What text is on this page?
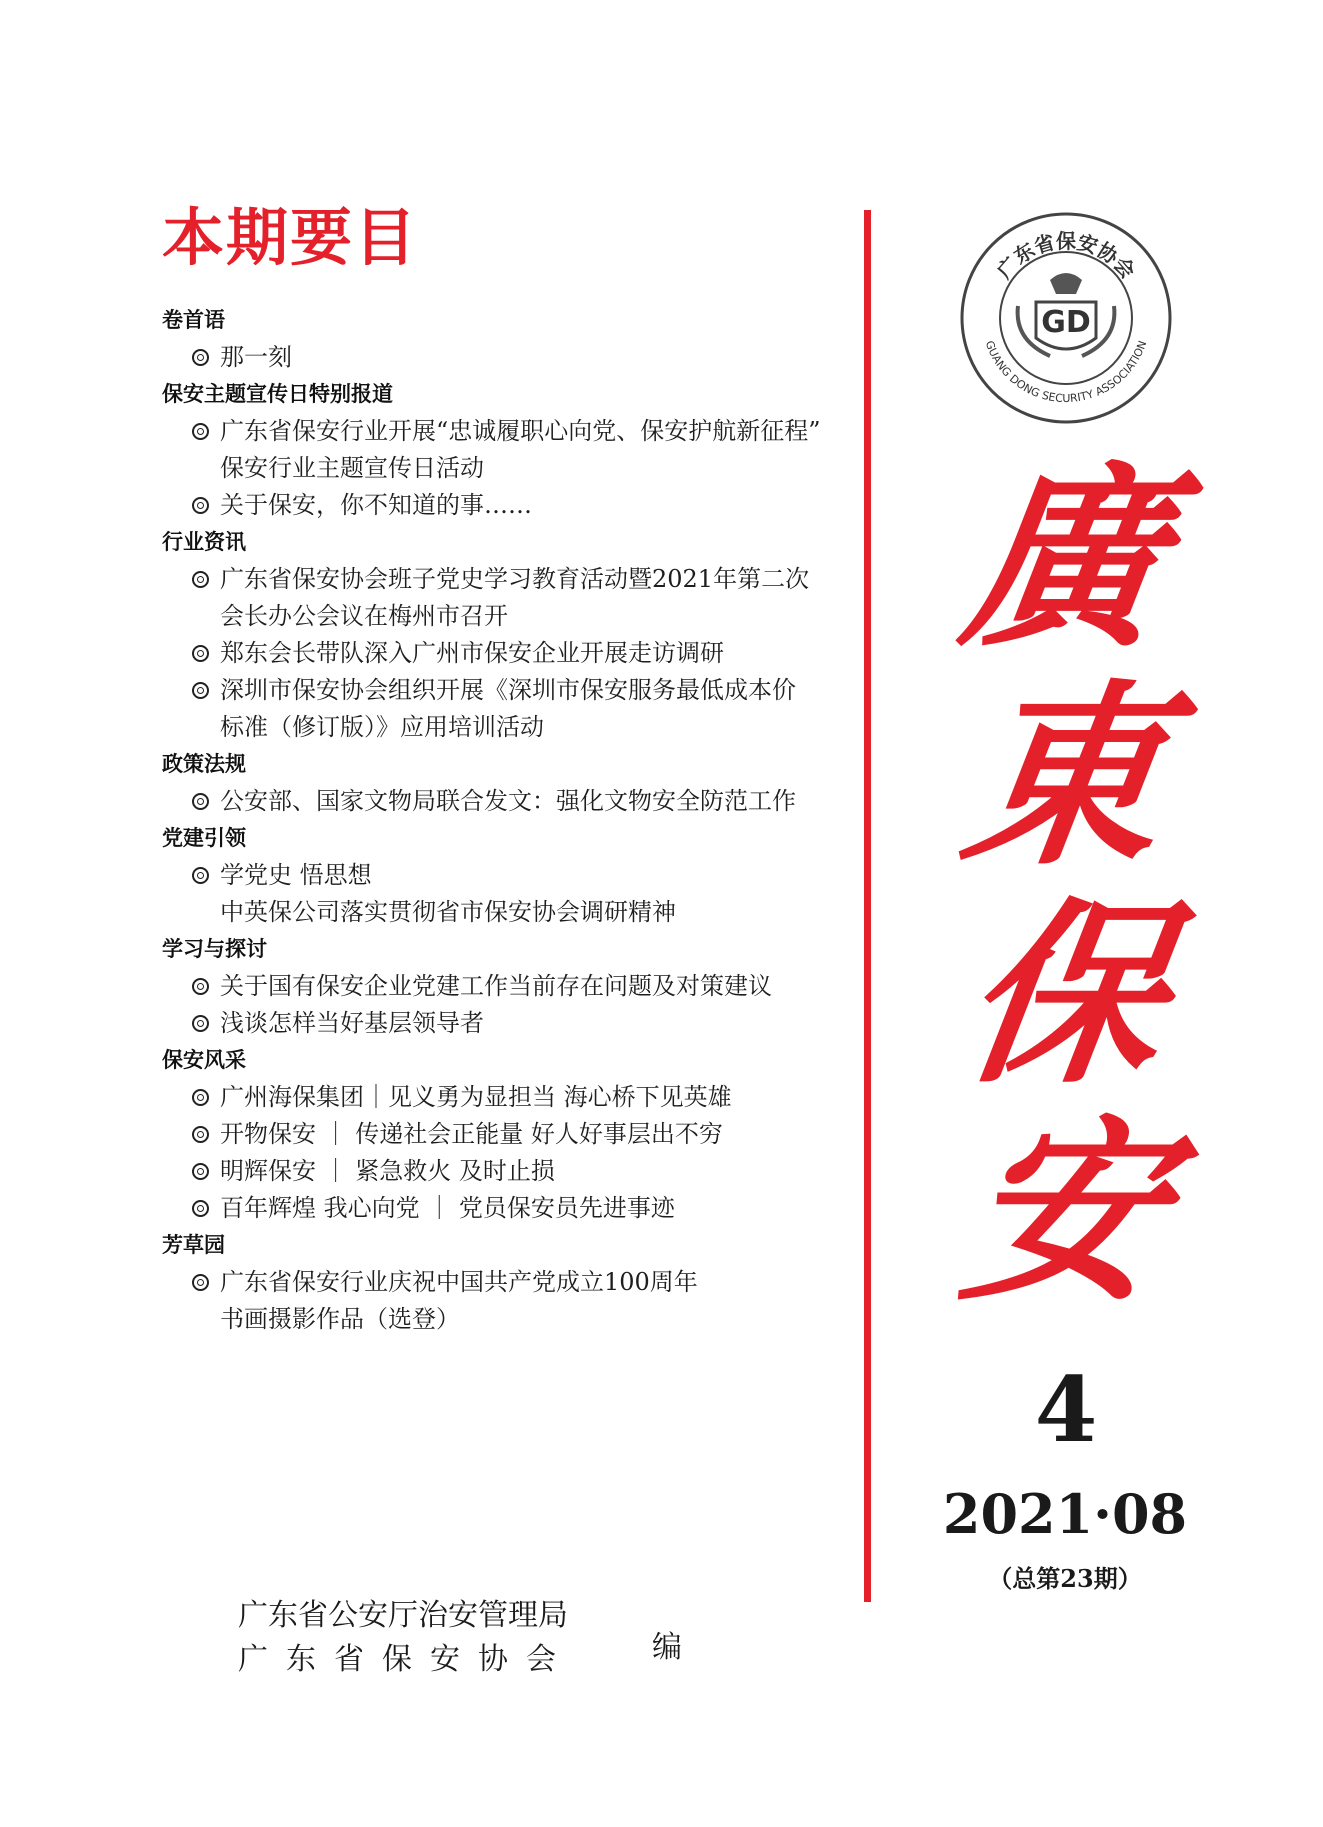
本期要目
卷首语
那一刻
保安主题宣传日特别报道
广东省保安行业开展“忠诚履职心向党、保安护航新征程”
保安行业主题宣传日活动
关于保安，你不知道的事……
行业资讯
广东省保安协会班子党史学习教育活动暨2021年第二次
会长办公会议在梅州市召开
郑东会长带队深入广州市保安企业开展走访调研
深圳市保安协会组织开展《深圳市保安服务最低成本价
标准（修订版）》应用培训活动
政策法规
公安部、国家文物局联合发文：强化文物安全防范工作
党建引领
学党史 悟思想
中英保公司落实贯彻省市保安协会调研精神
学习与探讨
关于国有保安企业党建工作当前存在问题及对策建议
浅谈怎样当好基层领导者
保安风采
广州海保集团｜见义勇为显担当 海心桥下见英雄
开物保安 ｜ 传递社会正能量 好人好事层出不穷
明辉保安 ｜ 紧急救火 及时止损
百年辉煌 我心向党 ｜ 党员保安员先进事迹
芳草园
广东省保安行业庆祝中国共产党成立100周年
书画摄影作品（选登）
广东省公安厅治安管理局
广东省保安协会	编
广东省保安协会
GUANG DONG SECURITY ASSOCIATION
GD
廣
東
保
安
4
2021·08
（总第23期）
